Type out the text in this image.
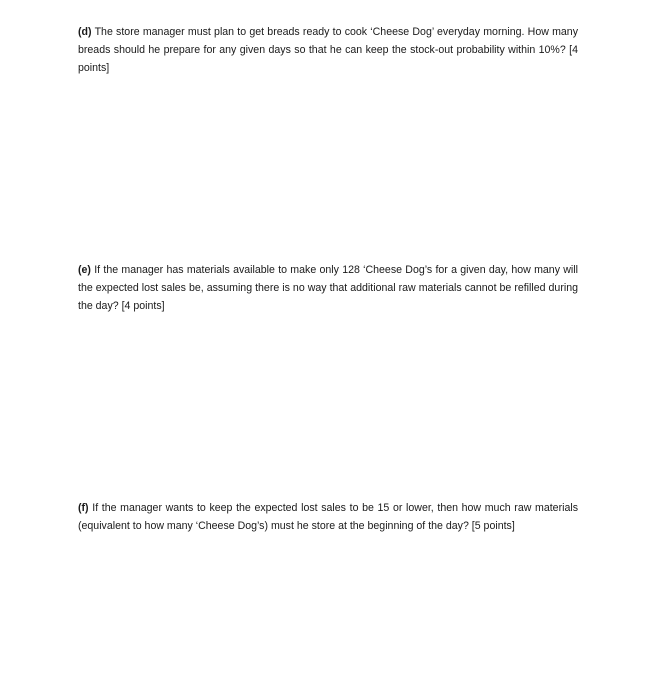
(d) The store manager must plan to get breads ready to cook ‘Cheese Dog’ everyday morning. How many breads should he prepare for any given days so that he can keep the stock-out probability within 10%? [4 points]

(e) If the manager has materials available to make only 128 ‘Cheese Dog’s for a given day, how many will the expected lost sales be, assuming there is no way that additional raw materials cannot be refilled during the day? [4 points]

(f) If the manager wants to keep the expected lost sales to be 15 or lower, then how much raw materials (equivalent to how many ‘Cheese Dog’s) must he store at the beginning of the day? [5 points]
